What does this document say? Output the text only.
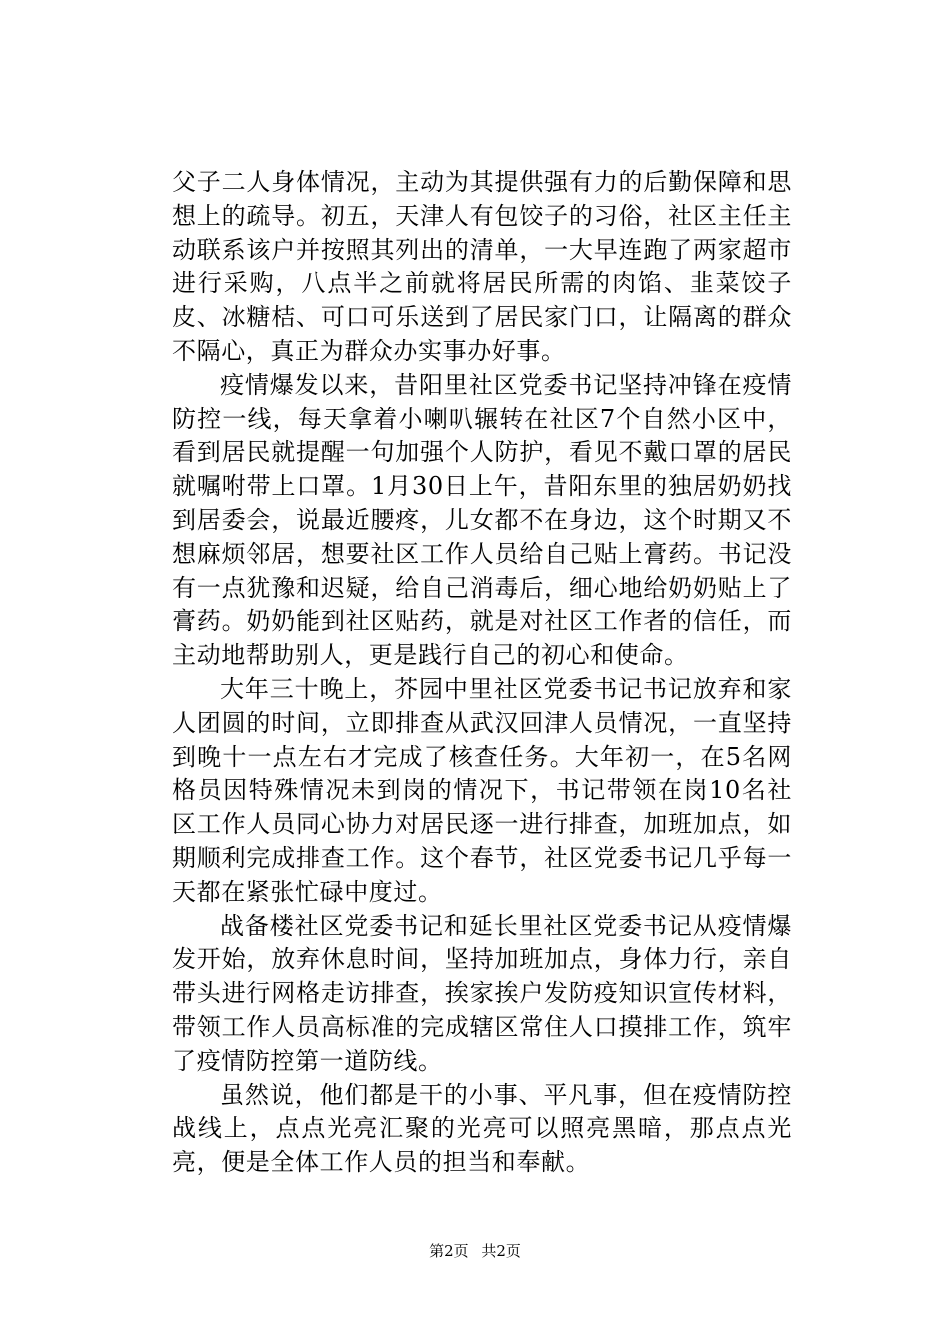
父子二人身体情况，主动为其提供强有力的后勤保障和思想上的疏导。初五，天津人有包饺子的习俗，社区主任主动联系该户并按照其列出的清单，一大早连跑了两家超市进行采购，八点半之前就将居民所需的肉馅、韭菜饺子皮、冰糖桔、可口可乐送到了居民家门口，让隔离的群众不隔心，真正为群众办实事办好事。

疫情爆发以来，昔阳里社区党委书记坚持冲锋在疫情防控一线，每天拿着小喇叭辗转在社区7个自然小区中，看到居民就提醒一句加强个人防护，看见不戴口罩的居民就嘱咐带上口罩。1月30日上午，昔阳东里的独居奶奶找到居委会，说最近腰疼，儿女都不在身边，这个时期又不想麻烦邻居，想要社区工作人员给自己贴上膏药。书记没有一点犹豫和迟疑，给自己消毒后，细心地给奶奶贴上了膏药。奶奶能到社区贴药，就是对社区工作者的信任，而主动地帮助别人，更是践行自己的初心和使命。

大年三十晚上，芥园中里社区党委书记书记放弃和家人团圆的时间，立即排查从武汉回津人员情况，一直坚持到晚十一点左右才完成了核查任务。大年初一，在5名网格员因特殊情况未到岗的情况下，书记带领在岗10名社区工作人员同心协力对居民逐一进行排查，加班加点，如期顺利完成排查工作。这个春节，社区党委书记几乎每一天都在紧张忙碌中度过。

战备楼社区党委书记和延长里社区党委书记从疫情爆发开始，放弃休息时间，坚持加班加点，身体力行，亲自带头进行网格走访排查，挨家挨户发防疫知识宣传材料，带领工作人员高标准的完成辖区常住人口摸排工作，筑牢了疫情防控第一道防线。

虽然说，他们都是干的小事、平凡事，但在疫情防控战线上，点点光亮汇聚的光亮可以照亮黑暗，那点点光亮，便是全体工作人员的担当和奉献。

第2页 共2页
